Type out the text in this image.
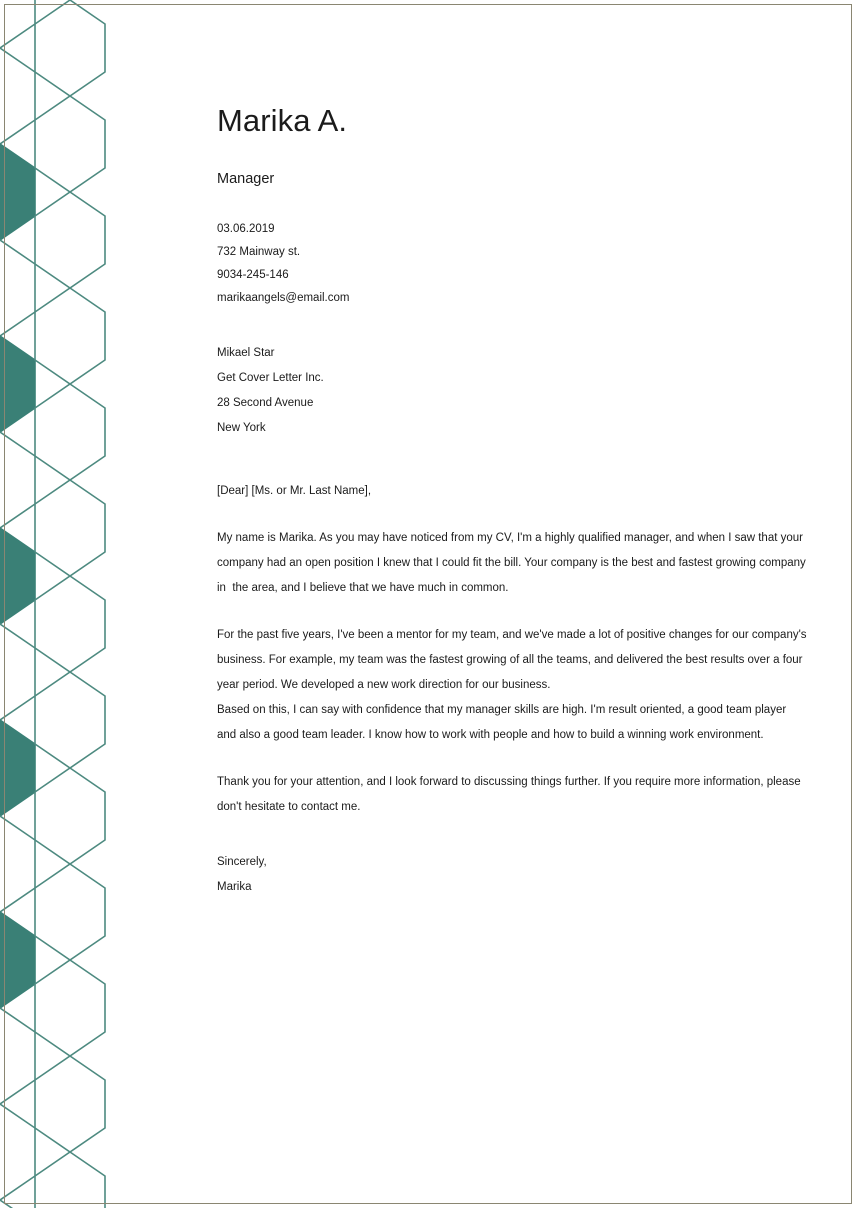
Marika A.
Manager
03.06.2019
732 Mainway st.
9034-245-146
marikaangels@email.com
Mikael Star
Get Cover Letter Inc.
28 Second Avenue
New York
[Dear] [Ms. or Mr. Last Name],

My name is Marika. As you may have noticed from my CV, I'm a highly qualified manager, and when I saw that your company had an open position I knew that I could fit the bill. Your company is the best and fastest growing company in  the area, and I believe that we have much in common.

For the past five years, I've been a mentor for my team, and we've made a lot of positive changes for our company's business. For example, my team was the fastest growing of all the teams, and delivered the best results over a four year period. We developed a new work direction for our business.

Based on this, I can say with confidence that my manager skills are high. I'm result oriented, a good team player and also a good team leader. I know how to work with people and how to build a winning work environment.

Thank you for your attention, and I look forward to discussing things further. If you require more information, please don't hesitate to contact me.

Sincerely,
Marika
